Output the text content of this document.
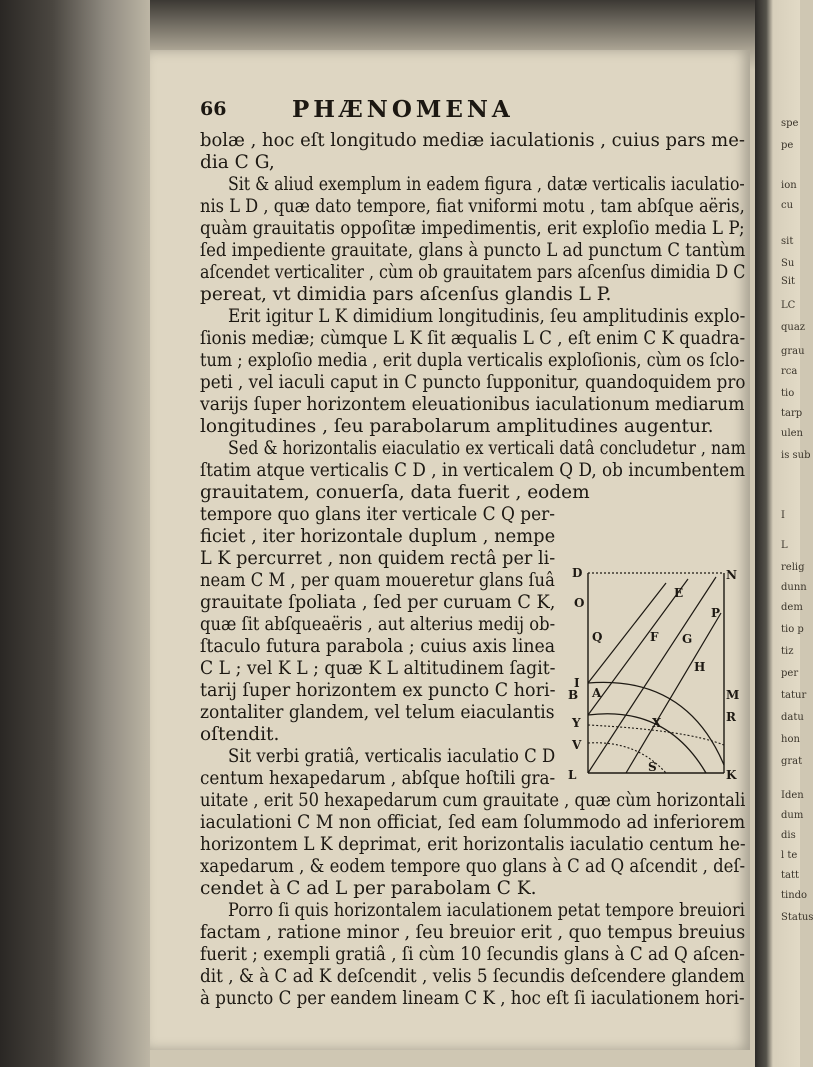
spe
pe
ion
cu
sit
Su
Sit
LC
quaz
grau
rca
tio
tarp
ulen
is sub
I
L
relig
dunn
dem
tio p
tiz
per
tatur
datu
hon
grat
Iden
dum
dis
l te
tatt
tindo
Status
66	PHÆNOMENA
bolæ , hoc eſt longitudo mediæ iaculationis , cuius pars me-
dia C G,
Sit & aliud exemplum in eadem figura , datæ verticalis iaculatio-
nis L D , quæ dato tempore, fiat vniformi motu , tam abſque aëris,
quàm grauitatis oppoſitæ impedimentis, erit exploſio media L P;
ſed impediente grauitate, glans à puncto L ad punctum C tantùm
aſcendet verticaliter , cùm ob grauitatem pars aſcenſus dimidia D C
pereat, vt dimidia pars aſcenſus glandis L P.
Erit igitur L K dimidium longitudinis, ſeu amplitudinis explo-
ſionis mediæ; cùmque L K ſit æqualis L C , eſt enim C K quadra-
tum ; exploſio media , erit dupla verticalis exploſionis, cùm os ſclo-
peti , vel iaculi caput in C puncto ſupponitur, quandoquidem pro
varijs ſuper horizontem eleuationibus iaculationum mediarum
longitudines , ſeu parabolarum amplitudines augentur.
Sed & horizontalis eiaculatio ex verticali datâ concludetur , nam
ſtatim atque verticalis C D , in verticalem Q D, ob incumbentem
grauitatem, conuerſa, data fuerit , eodem
tempore quo glans iter verticale C Q per-
ficiet , iter horizontale duplum , nempe
L K percurret , non quidem rectâ per li-
neam C M , per quam moueretur glans ſuâ
grauitate ſpoliata , ſed per curuam C K,
quæ ſit abſqueaëris , aut alterius medij ob-
ſtaculo futura parabola ; cuius axis linea
C L ; vel K L ; quæ K L altitudinem ſagit-
tarij ſuper horizontem ex puncto C hori-
zontaliter glandem, vel telum eiaculantis
oſtendit.
Sit verbi gratiâ, verticalis iaculatio C D
centum hexapedarum , abſque hoſtili gra-
uitate , erit 50 hexapedarum cum grauitate , quæ cùm horizontali
iaculationi C M non officiat, ſed eam ſolummodo ad inferiorem
horizontem L K deprimat, erit horizontalis iaculatio centum he-
xapedarum , & eodem tempore quo glans à C ad Q aſcendit , deſ-
cendet à C ad L per parabolam C K.
Porro ſi quis horizontalem iaculationem petat tempore breuiori
factam , ratione minor , ſeu breuior erit , quo tempus breuius
fuerit ; exempli gratiâ , ſi cùm 10 ſecundis glans à C ad Q aſcen-
dit , & à C ad K deſcendit , velis 5 ſecundis deſcendere glandem
à puncto C per eandem lineam C K , hoc eſt ſi iaculationem hori-
D	N
E
O
P
Q	F G
H
I
B A	M
R
Y	X
V
L
S
K
